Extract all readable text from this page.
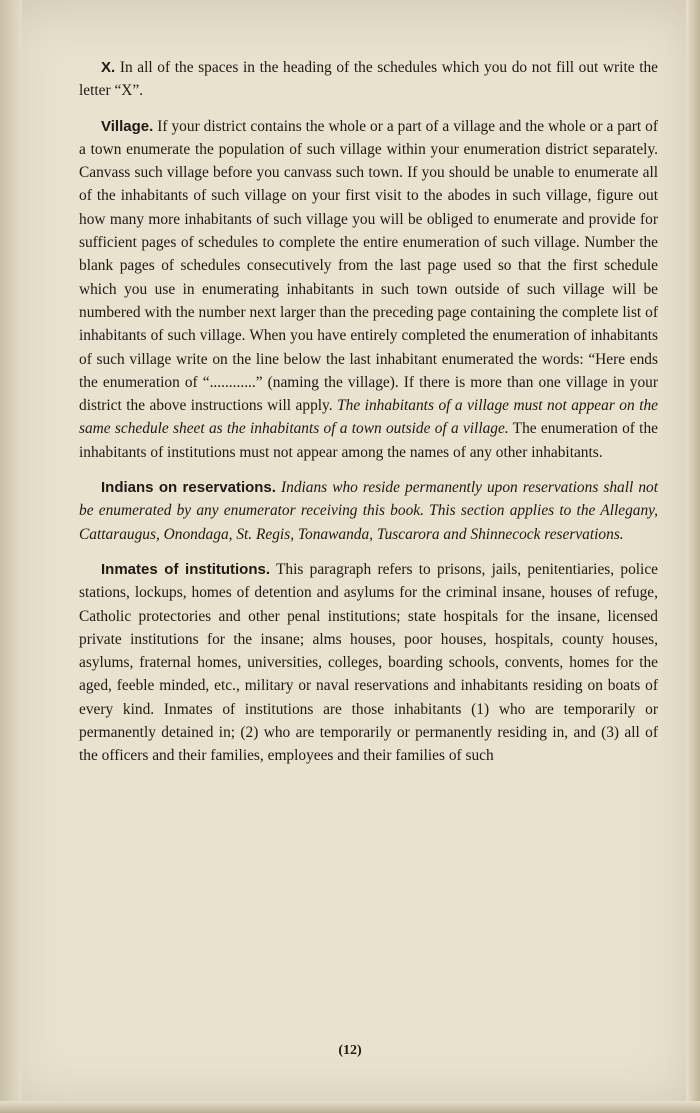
X. In all of the spaces in the heading of the schedules which you do not fill out write the letter “X”.

Village. If your district contains the whole or a part of a village and the whole or a part of a town enumerate the population of such village within your enumeration district separately. Canvass such village before you canvass such town. If you should be unable to enumerate all of the inhabitants of such village on your first visit to the abodes in such village, figure out how many more inhabitants of such village you will be obliged to enumerate and provide for sufficient pages of schedules to complete the entire enumeration of such village. Number the blank pages of schedules consecutively from the last page used so that the first schedule which you use in enumerating inhabitants in such town outside of such village will be numbered with the number next larger than the preceding page containing the complete list of inhabitants of such village. When you have entirely completed the enumeration of inhabitants of such village write on the line below the last inhabitant enumerated the words: “Here ends the enumeration of “............” (naming the village). If there is more than one village in your district the above instructions will apply. The inhabitants of a village must not appear on the same schedule sheet as the inhabitants of a town outside of a village. The enumeration of the inhabitants of institutions must not appear among the names of any other inhabitants.

Indians on reservations. Indians who reside permanently upon reservations shall not be enumerated by any enumerator receiving this book. This section applies to the Allegany, Cattaraugus, Onondaga, St. Regis, Tonawanda, Tuscarora and Shinnecock reservations.

Inmates of institutions. This paragraph refers to prisons, jails, penitentiaries, police stations, lockups, homes of detention and asylums for the criminal insane, houses of refuge, Catholic protectories and other penal institutions; state hospitals for the insane, licensed private institutions for the insane; alms houses, poor houses, hospitals, county houses, asylums, fraternal homes, universities, colleges, boarding schools, convents, homes for the aged, feeble minded, etc., military or naval reservations and inhabitants residing on boats of every kind. Inmates of institutions are those inhabitants (1) who are temporarily or permanently detained in; (2) who are temporarily or permanently residing in, and (3) all of the officers and their families, employees and their families of such

(12)
